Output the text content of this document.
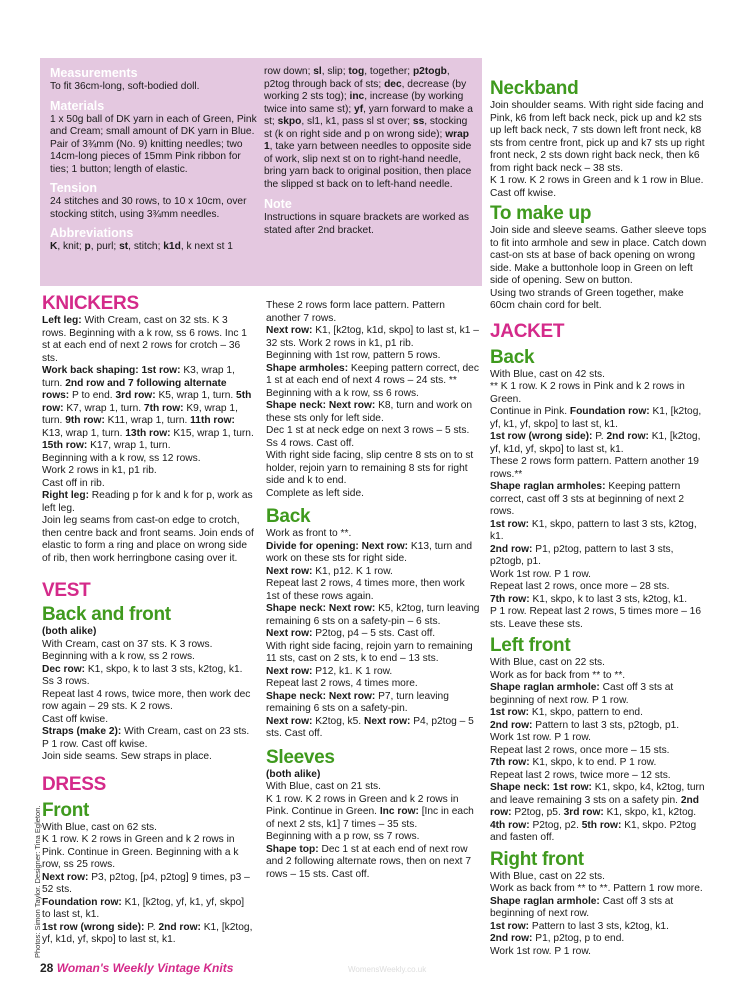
Measurements

To fit 36cm-long, soft-bodied doll.

Materials

1 x 50g ball of DK yarn in each of Green, Pink and Cream; small amount of DK yarn in Blue. Pair of 3¾mm (No. 9) knitting needles; two 14cm-long pieces of 15mm Pink ribbon for ties; 1 button; length of elastic.

Tension

24 stitches and 30 rows, to 10 x 10cm, over stocking stitch, using 3¾mm needles.

Abbreviations

K, knit; p, purl; st, stitch; k1d, k next st 1

row down; sl, slip; tog, together; p2togb, p2tog through back of sts; dec, decrease (by working 2 sts tog); inc, increase (by working twice into same st); yf, yarn forward to make a st; skpo, sl1, k1, pass sl st over; ss, stocking st (k on right side and p on wrong side); wrap 1, take yarn between needles to opposite side of work, slip next st on to right-hand needle, bring yarn back to original position, then place the slipped st back on to left-hand needle.

Note

Instructions in square brackets are worked as stated after 2nd bracket.

KNICKERS

Left leg: With Cream, cast on 32 sts. K 3 rows. Beginning with a k row, ss 6 rows. Inc 1 st at each end of next 2 rows for crotch – 36 sts.

Work back shaping: 1st row: K3, wrap 1, turn. 2nd row and 7 following alternate rows: P to end. 3rd row: K5, wrap 1, turn. 5th row: K7, wrap 1, turn. 7th row: K9, wrap 1, turn. 9th row: K11, wrap 1, turn. 11th row: K13, wrap 1, turn. 13th row: K15, wrap 1, turn. 15th row: K17, wrap 1, turn.

Beginning with a k row, ss 12 rows.

Work 2 rows in k1, p1 rib.

Cast off in rib.

Right leg: Reading p for k and k for p, work as left leg.

Join leg seams from cast-on edge to crotch, then centre back and front seams. Join ends of elastic to form a ring and place on wrong side of rib, then work herringbone casing over it.

VEST

Back and front

(both alike)

With Cream, cast on 37 sts. K 3 rows.

Beginning with a k row, ss 2 rows.

Dec row: K1, skpo, k to last 3 sts, k2tog, k1.

Ss 3 rows.

Repeat last 4 rows, twice more, then work dec row again – 29 sts. K 2 rows.

Cast off kwise.

Straps (make 2): With Cream, cast on 23 sts.

P 1 row. Cast off kwise.

Join side seams. Sew straps in place.

DRESS

Front

With Blue, cast on 62 sts.

K 1 row. K 2 rows in Green and k 2 rows in Pink. Continue in Green. Beginning with a k row, ss 25 rows.

Next row: P3, p2tog, [p4, p2tog] 9 times, p3 – 52 sts.

Foundation row: K1, [k2tog, yf, k1, yf, skpo] to last st, k1.

1st row (wrong side): P. 2nd row: K1, [k2tog, yf, k1d, yf, skpo] to last st, k1.

These 2 rows form lace pattern. Pattern another 7 rows.

Next row: K1, [k2tog, k1d, skpo] to last st, k1 – 32 sts. Work 2 rows in k1, p1 rib.

Beginning with 1st row, pattern 5 rows.

Shape armholes: Keeping pattern correct, dec 1 st at each end of next 4 rows – 24 sts. **

Beginning with a k row, ss 6 rows.

Shape neck: Next row: K8, turn and work on these sts only for left side.

Dec 1 st at neck edge on next 3 rows – 5 sts. Ss 4 rows. Cast off.

With right side facing, slip centre 8 sts on to st holder, rejoin yarn to remaining 8 sts for right side and k to end.

Complete as left side.

Back

Work as front to **.

Divide for opening: Next row: K13, turn and work on these sts for right side.

Next row: K1, p12. K 1 row.

Repeat last 2 rows, 4 times more, then work 1st of these rows again.

Shape neck: Next row: K5, k2tog, turn leaving remaining 6 sts on a safety-pin – 6 sts.

Next row: P2tog, p4 – 5 sts. Cast off.

With right side facing, rejoin yarn to remaining 11 sts, cast on 2 sts, k to end – 13 sts.

Next row: P12, k1. K 1 row.

Repeat last 2 rows, 4 times more.

Shape neck: Next row: P7, turn leaving remaining 6 sts on a safety-pin.

Next row: K2tog, k5. Next row: P4, p2tog – 5 sts. Cast off.

Sleeves

(both alike)

With Blue, cast on 21 sts.

K 1 row. K 2 rows in Green and k 2 rows in Pink. Continue in Green. Inc row: [Inc in each of next 2 sts, k1] 7 times – 35 sts.

Beginning with a p row, ss 7 rows.

Shape top: Dec 1 st at each end of next row and 2 following alternate rows, then on next 7 rows – 15 sts. Cast off.

Neckband

Join shoulder seams. With right side facing and Pink, k6 from left back neck, pick up and k2 sts up left back neck, 7 sts down left front neck, k8 sts from centre front, pick up and k7 sts up right front neck, 2 sts down right back neck, then k6 from right back neck – 38 sts.

K 1 row. K 2 rows in Green and k 1 row in Blue. Cast off kwise.

To make up

Join side and sleeve seams. Gather sleeve tops to fit into armhole and sew in place. Catch down cast-on sts at base of back opening on wrong side. Make a buttonhole loop in Green on left side of opening. Sew on button.

Using two strands of Green together, make 60cm chain cord for belt.

JACKET

Back

With Blue, cast on 42 sts.

** K 1 row. K 2 rows in Pink and k 2 rows in Green.

Continue in Pink. Foundation row: K1, [k2tog, yf, k1, yf, skpo] to last st, k1.

1st row (wrong side): P. 2nd row: K1, [k2tog, yf, k1d, yf, skpo] to last st, k1.

These 2 rows form pattern. Pattern another 19 rows.**

Shape raglan armholes: Keeping pattern correct, cast off 3 sts at beginning of next 2 rows.

1st row: K1, skpo, pattern to last 3 sts, k2tog, k1.

2nd row: P1, p2tog, pattern to last 3 sts, p2togb, p1.

Work 1st row. P 1 row.

Repeat last 2 rows, once more – 28 sts.

7th row: K1, skpo, k to last 3 sts, k2tog, k1.

P 1 row. Repeat last 2 rows, 5 times more – 16 sts. Leave these sts.

Left front

With Blue, cast on 22 sts.

Work as for back from ** to **.

Shape raglan armhole: Cast off 3 sts at beginning of next row. P 1 row.

1st row: K1, skpo, pattern to end.

2nd row: Pattern to last 3 sts, p2togb, p1.

Work 1st row. P 1 row.

Repeat last 2 rows, once more – 15 sts.

7th row: K1, skpo, k to end. P 1 row.

Repeat last 2 rows, twice more – 12 sts.

Shape neck: 1st row: K1, skpo, k4, k2tog, turn and leave remaining 3 sts on a safety pin. 2nd row: P2tog, p5. 3rd row: K1, skpo, k1, k2tog. 4th row: P2tog, p2. 5th row: K1, skpo. P2tog and fasten off.

Right front

With Blue, cast on 22 sts.

Work as back from ** to **. Pattern 1 row more.

Shape raglan armhole: Cast off 3 sts at beginning of next row.

1st row: Pattern to last 3 sts, k2tog, k1.

2nd row: P1, p2tog, p to end.

Work 1st row. P 1 row.

Photos: Simon Taylor. Designer: Tina Egleton.
28 Woman's Weekly Vintage Knits	WomensWeekly.co.uk
